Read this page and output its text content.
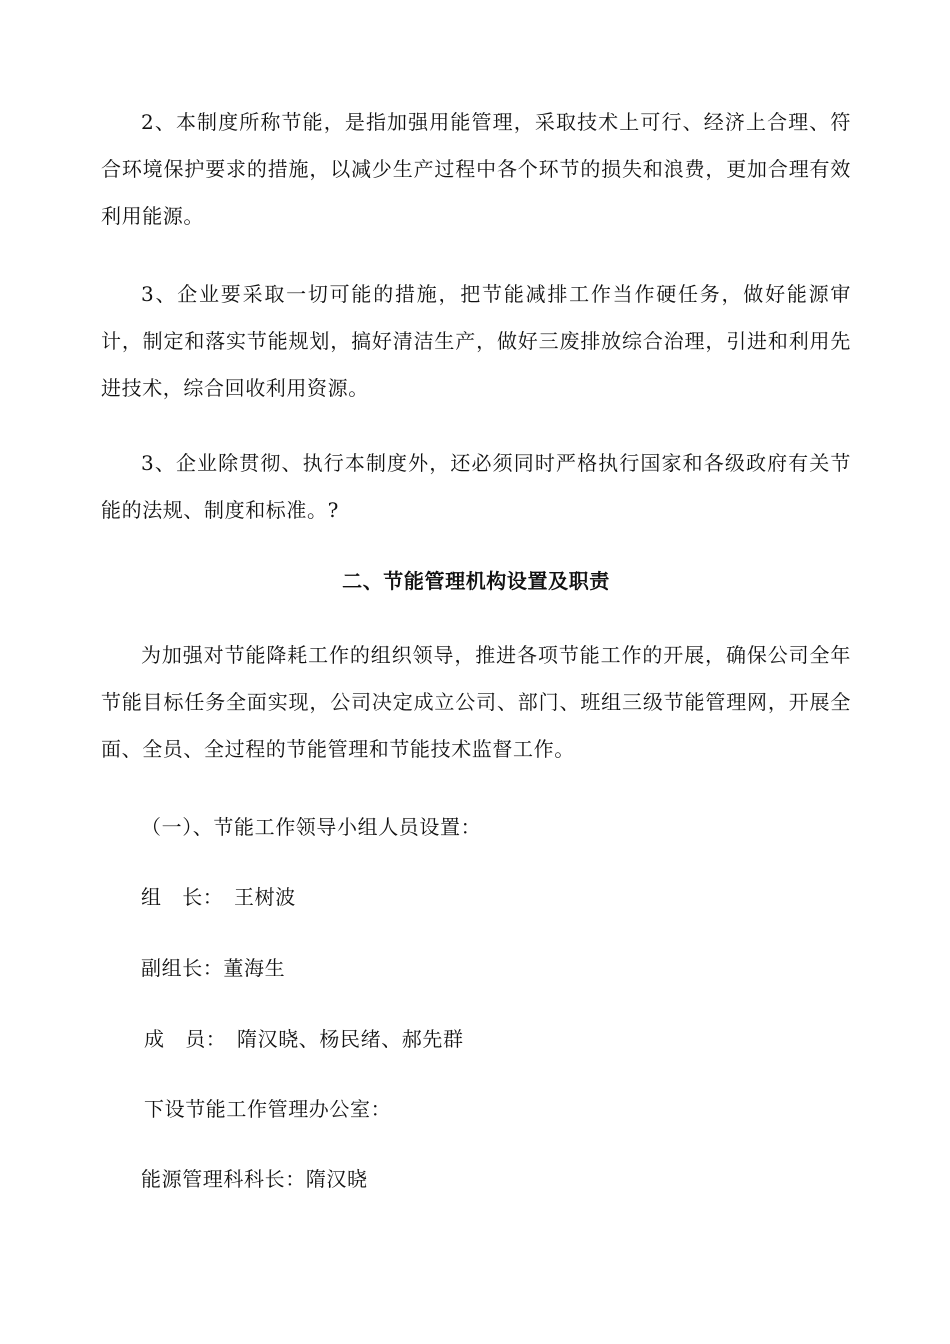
2、本制度所称节能，是指加强用能管理，采取技术上可行、经济上合理、符合环境保护要求的措施，以减少生产过程中各个环节的损失和浪费，更加合理有效利用能源。

3、企业要采取一切可能的措施，把节能减排工作当作硬任务，做好能源审计，制定和落实节能规划，搞好清洁生产，做好三废排放综合治理，引进和利用先进技术，综合回收利用资源。

3、企业除贯彻、执行本制度外，还必须同时严格执行国家和各级政府有关节能的法规、制度和标准。?

二、节能管理机构设置及职责

为加强对节能降耗工作的组织领导，推进各项节能工作的开展，确保公司全年节能目标任务全面实现，公司决定成立公司、部门、班组三级节能管理网，开展全面、全员、全过程的节能管理和节能技术监督工作。

（一）、节能工作领导小组人员设置：

组　长： 王树波

副组长：董海生

成　员： 隋汉晓、杨民绪、郝先群

下设节能工作管理办公室：

能源管理科科长：隋汉晓
